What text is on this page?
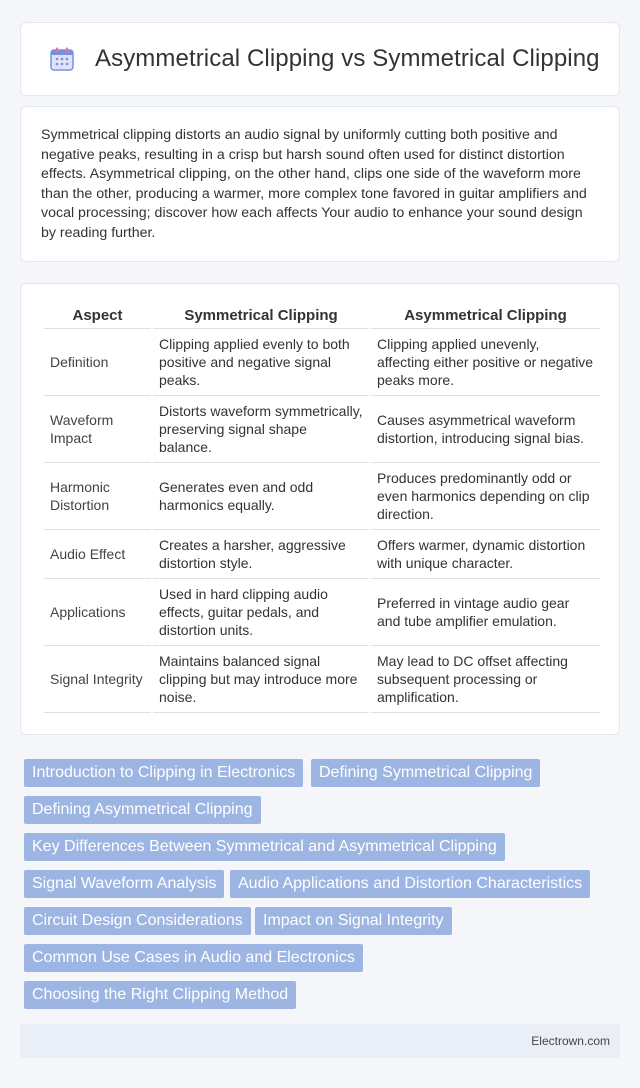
Asymmetrical Clipping vs Symmetrical Clipping

Symmetrical clipping distorts an audio signal by uniformly cutting both positive and negative peaks, resulting in a crisp but harsh sound often used for distinct distortion effects. Asymmetrical clipping, on the other hand, clips one side of the waveform more than the other, producing a warmer, more complex tone favored in guitar amplifiers and vocal processing; discover how each affects Your audio to enhance your sound design by reading further.

Aspect	Symmetrical Clipping	Asymmetrical Clipping
Definition	Clipping applied evenly to both positive and negative signal peaks.	Clipping applied unevenly, affecting either positive or negative peaks more.
Waveform Impact	Distorts waveform symmetrically, preserving signal shape balance.	Causes asymmetrical waveform distortion, introducing signal bias.
Harmonic Distortion	Generates even and odd harmonics equally.	Produces predominantly odd or even harmonics depending on clip direction.
Audio Effect	Creates a harsher, aggressive distortion style.	Offers warmer, dynamic distortion with unique character.
Applications	Used in hard clipping audio effects, guitar pedals, and distortion units.	Preferred in vintage audio gear and tube amplifier emulation.
Signal Integrity	Maintains balanced signal clipping but may introduce more noise.	May lead to DC offset affecting subsequent processing or amplification.
Introduction to Clipping in Electronics	Defining Symmetrical Clipping
Defining Asymmetrical Clipping
Key Differences Between Symmetrical and Asymmetrical Clipping
Signal Waveform Analysis	Audio Applications and Distortion Characteristics
Circuit Design Considerations	Impact on Signal Integrity
Common Use Cases in Audio and Electronics
Choosing the Right Clipping Method
Electrown.com
